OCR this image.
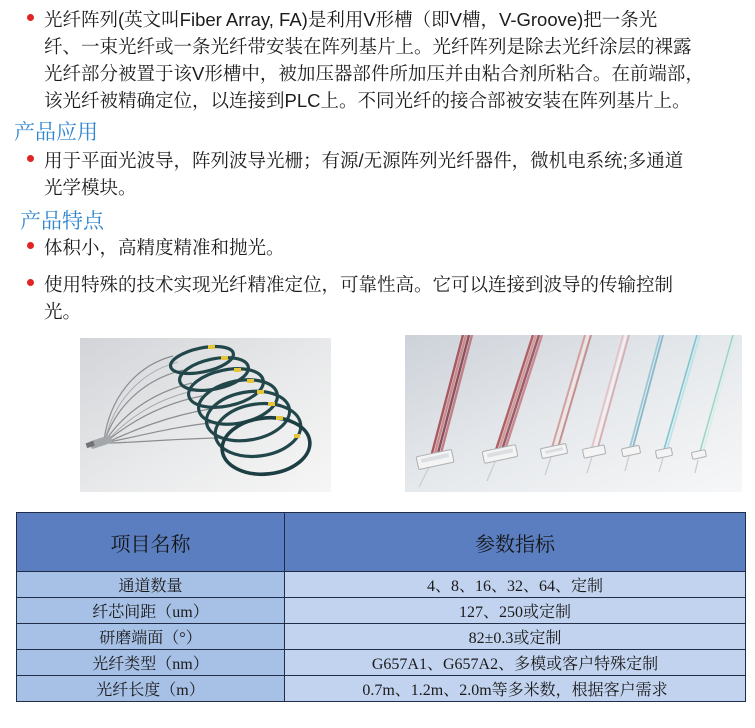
光纤阵列(英文叫Fiber Array, FA)是利用V形槽（即V槽，V-Groove)把一条光
纤、一束光纤或一条光纤带安装在阵列基片上。光纤阵列是除去光纤涂层的裸露
光纤部分被置于该V形槽中，被加压器部件所加压并由粘合剂所粘合。在前端部，
该光纤被精确定位，以连接到PLC上。不同光纤的接合部被安装在阵列基片上。
产品应用
用于平面光波导，阵列波导光栅；有源/无源阵列光纤器件，微机电系统;多通道
光学模块。
产品特点
体积小，高精度精准和抛光。
使用特殊的技术实现光纤精准定位，可靠性高。它可以连接到波导的传输控制
光。
项目名称	参数指标
通道数量	4、8、16、32、64、定制
纤芯间距（um）	127、250或定制
研磨端面（°）	82±0.3或定制
光纤类型（nm）	G657A1、G657A2、多模或客户特殊定制
光纤长度（m）	0.7m、1.2m、2.0m等多米数，根据客户需求
